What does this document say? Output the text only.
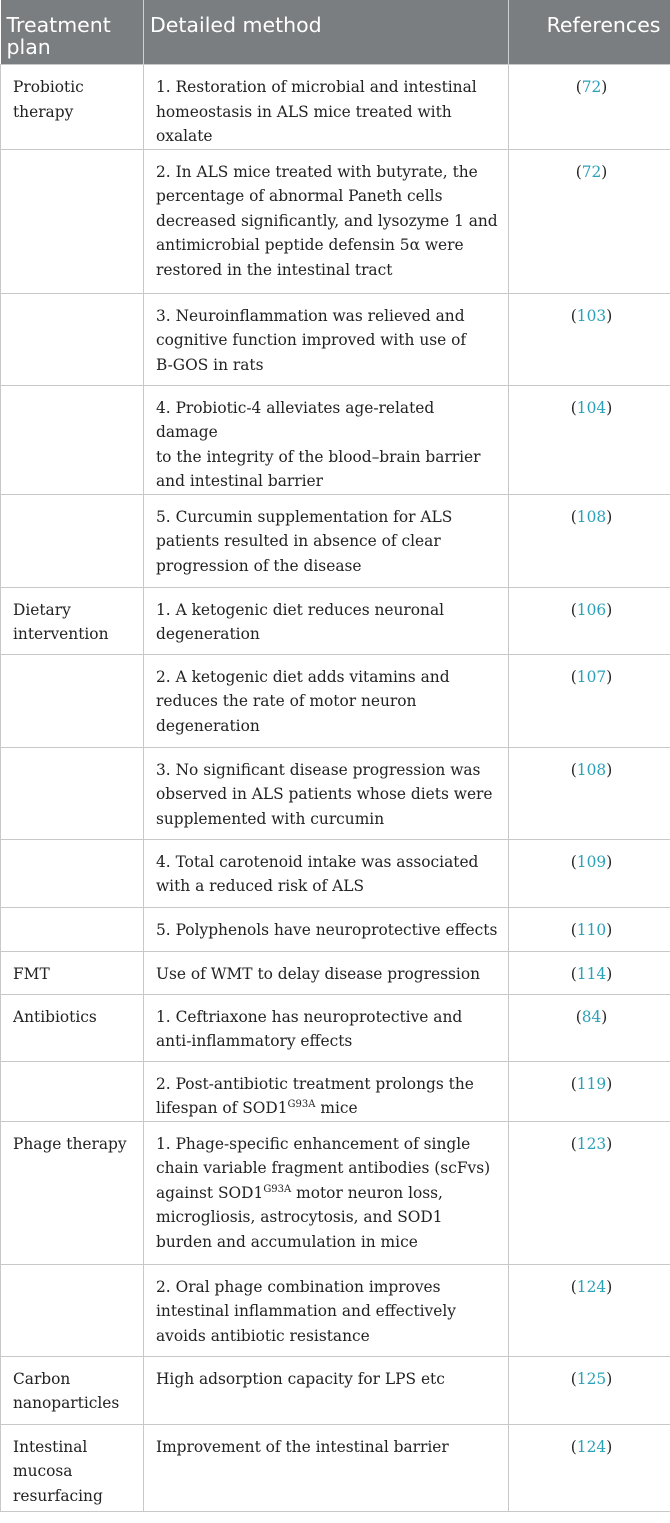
Treatment
plan	Detailed method	References
Probiotic
therapy	1. Restoration of microbial and intestinal
homeostasis in ALS mice treated with
oxalate	(72)
	2. In ALS mice treated with butyrate, the
percentage of abnormal Paneth cells
decreased significantly, and lysozyme 1 and
antimicrobial peptide defensin 5α were
restored in the intestinal tract	(72)
	3. Neuroinflammation was relieved and
cognitive function improved with use of
B-GOS in rats	(103)
	4. Probiotic-4 alleviates age-related damage
to the integrity of the blood–brain barrier
and intestinal barrier	(104)
	5. Curcumin supplementation for ALS
patients resulted in absence of clear
progression of the disease	(108)
Dietary
intervention	1. A ketogenic diet reduces neuronal
degeneration	(106)
	2. A ketogenic diet adds vitamins and
reduces the rate of motor neuron
degeneration	(107)
	3. No significant disease progression was
observed in ALS patients whose diets were
supplemented with curcumin	(108)
	4. Total carotenoid intake was associated
with a reduced risk of ALS	(109)
	5. Polyphenols have neuroprotective effects	(110)
FMT	Use of WMT to delay disease progression	(114)
Antibiotics	1. Ceftriaxone has neuroprotective and
anti-inflammatory effects	(84)
	2. Post-antibiotic treatment prolongs the
lifespan of $SOD1^{G93A}$ mice	(119)
Phage therapy	1. Phage-specific enhancement of single
chain variable fragment antibodies (scFvs)
against $SOD1^{G93A}$ motor neuron loss,
microgliosis, astrocytosis, and SOD1
burden and accumulation in mice	(123)
	2. Oral phage combination improves
intestinal inflammation and effectively
avoids antibiotic resistance	(124)
Carbon
nanoparticles	High adsorption capacity for LPS etc	(125)
Intestinal
mucosa
resurfacing	Improvement of the intestinal barrier	(124)
